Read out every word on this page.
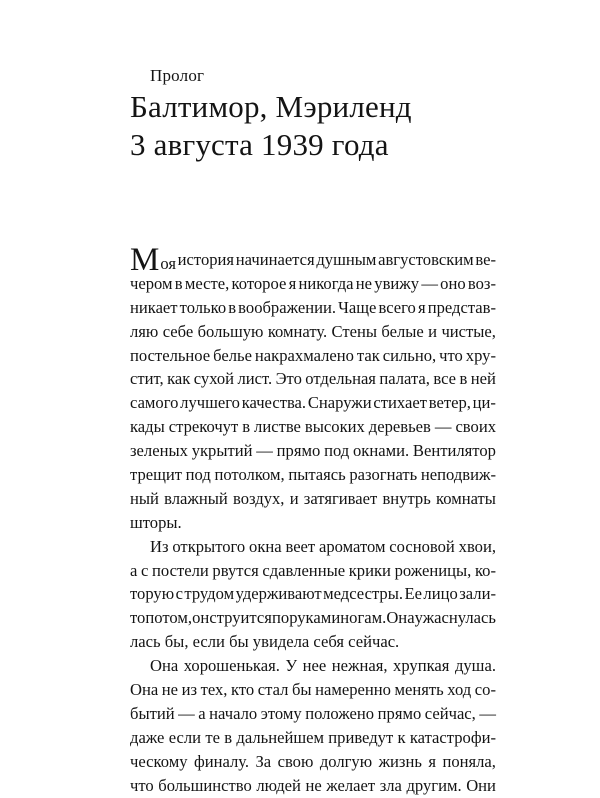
Пролог
Балтимор, Мэриленд
3 августа 1939 года
Моя история начинается душным августовским ве-
чером в месте, которое я никогда не увижу — оно воз-
никает только в воображении. Чаще всего я представ-
ляю себе большую комнату. Стены белые и чистые,
постельное белье накрахмалено так сильно, что хру-
стит, как сухой лист. Это отдельная палата, все в ней
самого лучшего качества. Снаружи стихает ветер, ци-
кады стрекочут в листве высоких деревьев — своих
зеленых укрытий — прямо под окнами. Вентилятор
трещит под потолком, пытаясь разогнать неподвиж-
ный влажный воздух, и затягивает внутрь комнаты
шторы.
Из открытого окна веет ароматом сосновой хвои,
а с постели рвутся сдавленные крики роженицы, ко-
торую с трудом удерживают медсестры. Ее лицо зали-
то потом, он струится по рукам и ногам. Она ужаснулась
лась бы, если бы увидела себя сейчас.
Она хорошенькая. У нее нежная, хрупкая душа.
Она не из тех, кто стал бы намеренно менять ход со-
бытий — а начало этому положено прямо сейчас, —
даже если те в дальнейшем приведут к катастрофи-
ческому финалу. За свою долгую жизнь я поняла,
что большинство людей не желает зла другим. Они
